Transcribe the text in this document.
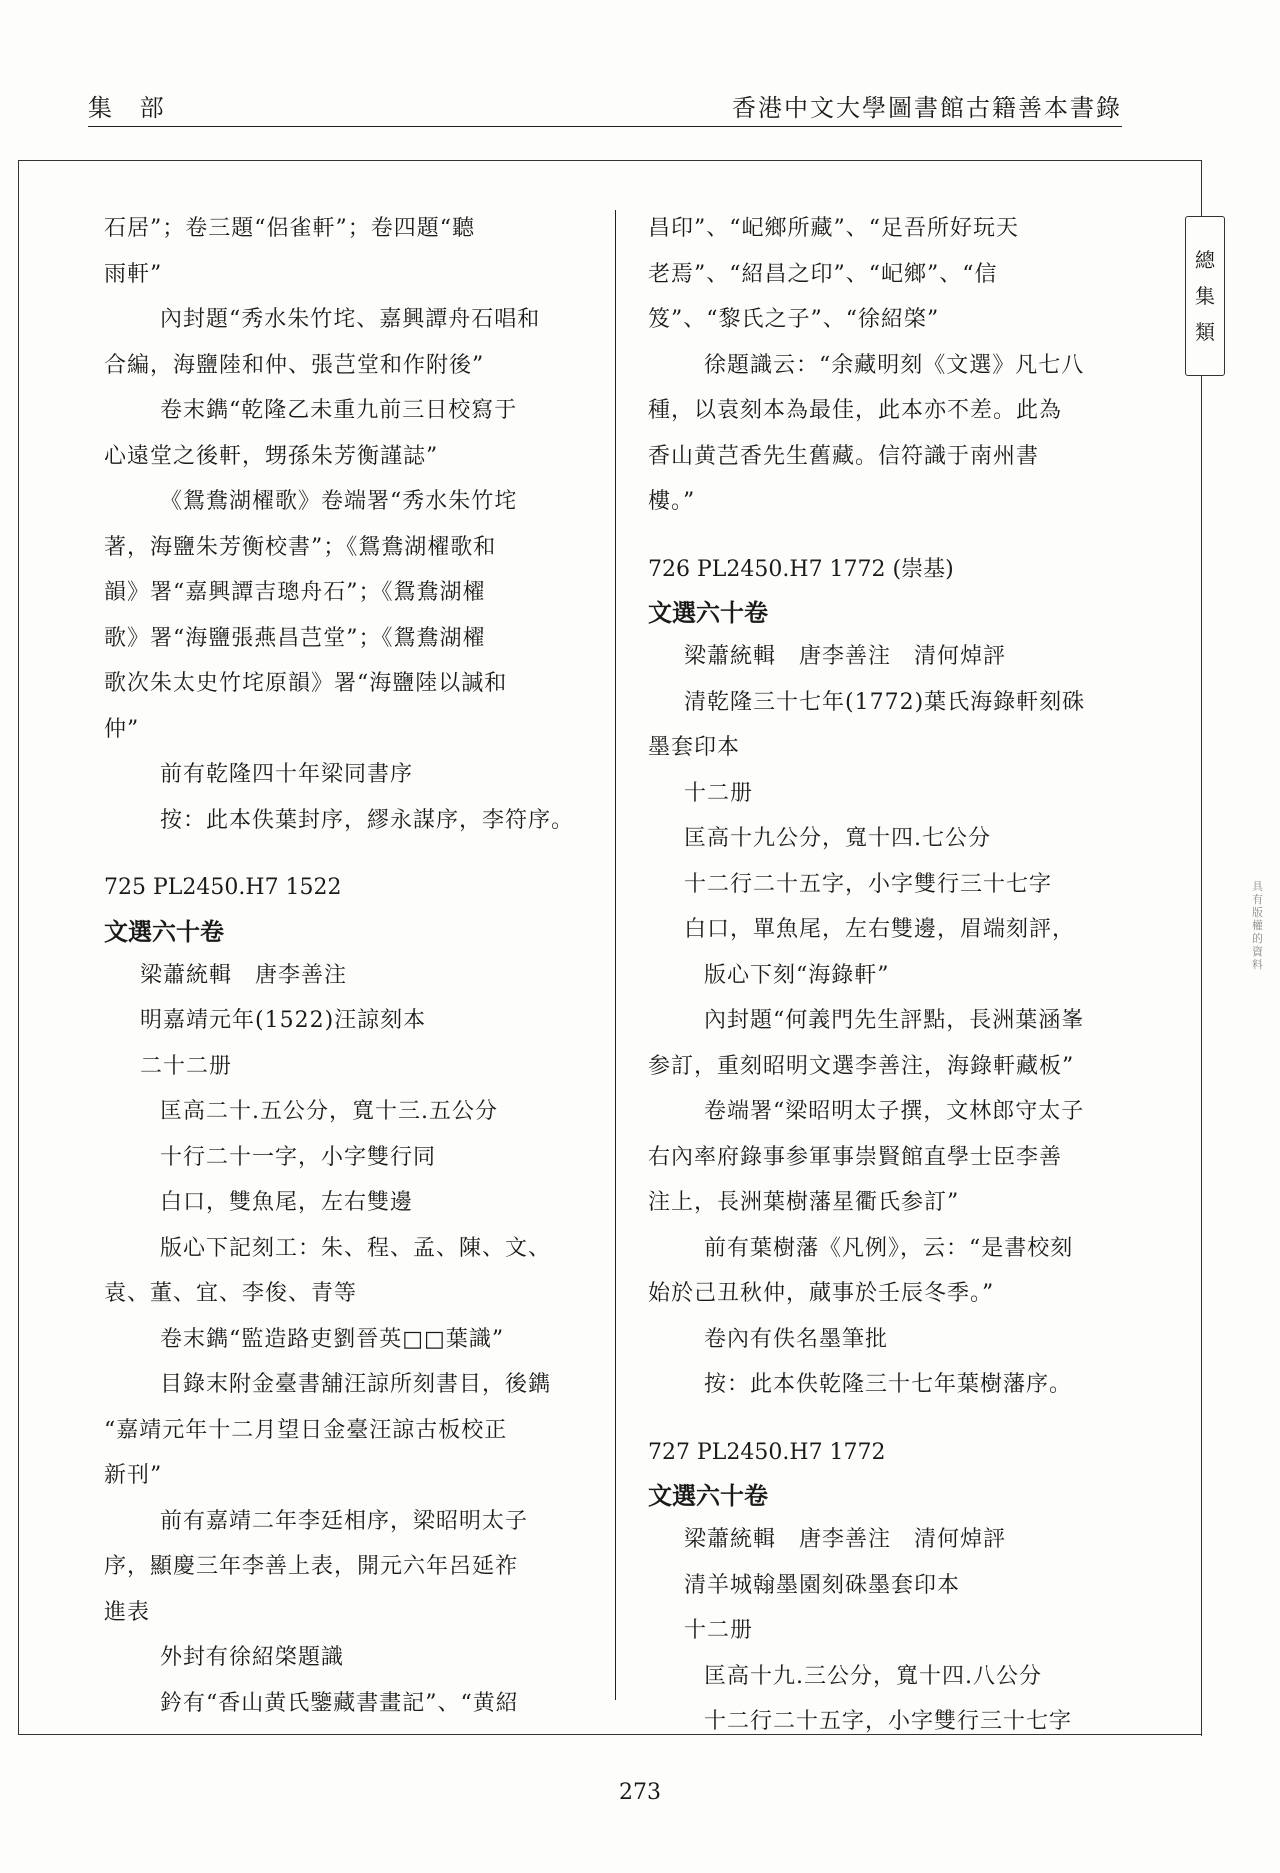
集 部	香港中文大學圖書館古籍善本書錄
總
集
類
石居”；卷三題“侶雀軒”；卷四題“聽
雨軒”
內封題“秀水朱竹垞、嘉興譚舟石唱和
合編，海鹽陸和仲、張芑堂和作附後”
卷末鐫“乾隆乙未重九前三日校寫于
心遠堂之後軒，甥孫朱芳衡謹誌”
《鴛鴦湖櫂歌》卷端署“秀水朱竹垞
著，海鹽朱芳衡校書”；《鴛鴦湖櫂歌和
韻》署“嘉興譚吉璁舟石”；《鴛鴦湖櫂
歌》署“海鹽張燕昌芑堂”；《鴛鴦湖櫂
歌次朱太史竹垞原韻》署“海鹽陸以諴和
仲”
前有乾隆四十年梁同書序
按：此本佚葉封序，繆永謀序，李符序。
725 PL2450.H7 1522
文選六十卷
梁蕭統輯　唐李善注
明嘉靖元年(1522)汪諒刻本
二十二册
匡高二十.五公分，寬十三.五公分
十行二十一字，小字雙行同
白口，雙魚尾，左右雙邊
版心下記刻工：朱、程、孟、陳、文、
袁、董、宜、李俊、青等
卷末鐫“監造路吏劉晉英□□葉識”
目錄末附金臺書舖汪諒所刻書目，後鐫
“嘉靖元年十二月望日金臺汪諒古板校正
新刊”
前有嘉靖二年李廷相序，梁昭明太子
序，顯慶三年李善上表，開元六年呂延祚
進表
外封有徐紹棨題識
鈐有“香山黄氏鑒藏書畫記”、“黄紹
昌印”、“屺鄉所藏”、“足吾所好玩天
老焉”、“紹昌之印”、“屺鄉”、“信
笈”、“黎氏之子”、“徐紹棨”
徐題識云：“余藏明刻《文選》凡七八
種，以袁刻本為最佳，此本亦不差。此為
香山黄芑香先生舊藏。信符識于南州書
樓。”
726 PL2450.H7 1772 (崇基)
文選六十卷
梁蕭統輯　唐李善注　清何焯評
清乾隆三十七年(1772)葉氏海錄軒刻硃
墨套印本
十二册
匡高十九公分，寬十四.七公分
十二行二十五字，小字雙行三十七字
白口，單魚尾，左右雙邊，眉端刻評，
版心下刻“海錄軒”
內封題“何義門先生評點，長洲葉涵峯
参訂，重刻昭明文選李善注，海錄軒藏板”
卷端署“梁昭明太子撰，文林郎守太子
右內率府錄事参軍事崇賢館直學士臣李善
注上，長洲葉樹藩星衢氏参訂”
前有葉樹藩《凡例》，云：“是書校刻
始於己丑秋仲，蕆事於壬辰冬季。”
卷內有佚名墨筆批
按：此本佚乾隆三十七年葉樹藩序。
727 PL2450.H7 1772
文選六十卷
梁蕭統輯　唐李善注　清何焯評
清羊城翰墨園刻硃墨套印本
十二册
匡高十九.三公分，寬十四.八公分
十二行二十五字，小字雙行三十七字
具有版權的資料
273
